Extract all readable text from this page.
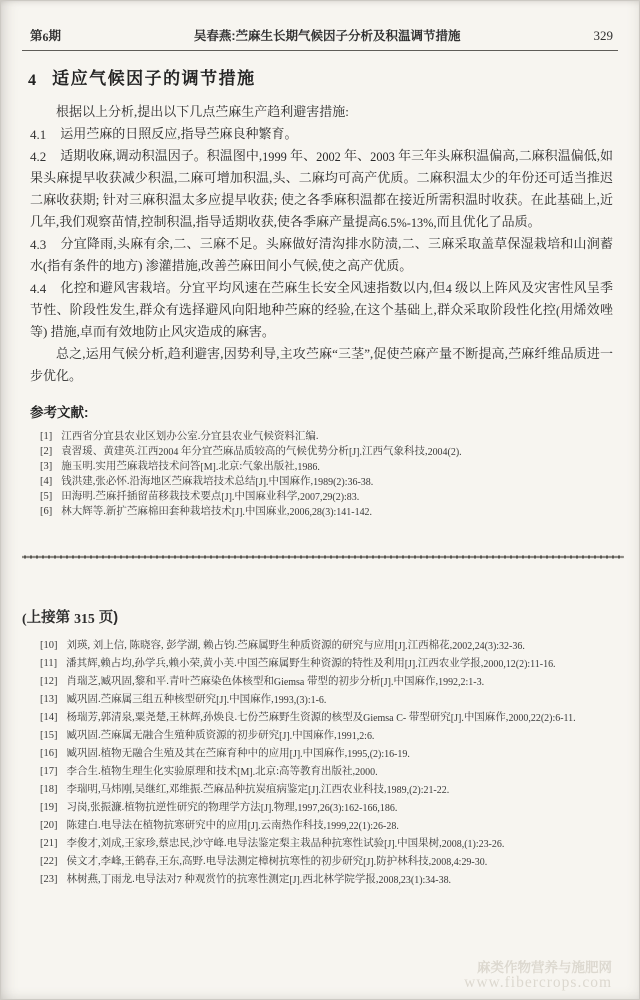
第6期	吴春燕:苎麻生长期气候因子分析及积温调节措施	329
4 适应气候因子的调节措施

根据以上分析,提出以下几点苎麻生产趋利避害措施:

4.1 运用苎麻的日照反应,指导苎麻良种繁育。

4.2 适期收麻,调动积温因子。积温图中,1999 年、2002 年、2003 年三年头麻积温偏高,二麻积温偏低,如果头麻提早收获减少积温,二麻可增加积温,头、二麻均可高产优质。二麻积温太少的年份还可适当推迟二麻收获期; 针对三麻积温太多应提早收获; 使之各季麻积温都在接近所需积温时收获。在此基础上,近几年,我们观察苗情,控制积温,指导适期收获,使各季麻产量提高6.5%-13%,而且优化了品质。

4.3 分宜降雨,头麻有余,二、三麻不足。头麻做好清沟排水防渍,二、三麻采取盖草保湿栽培和山涧蓄水(指有条件的地方) 渗灌措施,改善苎麻田间小气候,使之高产优质。

4.4 化控和避风害栽培。分宜平均风速在苎麻生长安全风速指数以内,但4 级以上阵风及灾害性风呈季节性、阶段性发生,群众有选择避风向阳地种苎麻的经验,在这个基础上,群众采取阶段性化控(用烯效唑等) 措施,卓而有效地防止风灾造成的麻害。

总之,运用气候分析,趋利避害,因势利导,主攻苎麻“三茎”,促使苎麻产量不断提高,苎麻纤维品质进一步优化。

参考文献:
[1] 江西省分宜县农业区划办公室.分宜县农业气候资料汇编.
[2] 袁習瑗、黄建英.江西2004 年分宜苎麻品质较高的气候优势分析[J].江西气象科技,2004(2).
[3] 施玉明.实用苎麻栽培技术问答[M].北京:气象出版社,1986.
[4] 钱洪建,张必怀.沿海地区苎麻栽培技术总结[J].中国麻作,1989(2):36-38.
[5] 田海明.苎麻扦插留苗移栽技术要点[J].中国麻业科学,2007,29(2):83.
[6] 林大辉等.新扩苎麻棉田套种栽培技术[J].中国麻业,2006,28(3):141-142.
(上接第 315 页)
[10] 刘瑛, 刘上信, 陈晓容, 彭学湖, 赖占钧.苎麻属野生种质资源的研究与应用[J].江西棉花,2002,24(3):32-36.
[11] 潘其辉,赖占均,孙学兵,赖小荣,黄小芙.中国苎麻属野生种资源的特性及利用[J].江西农业学报,2000,12(2):11-16.
[12] 肖瑞芝,臧巩固,黎和平.青叶苎麻染色体核型和Giemsa 带型的初步分析[J].中国麻作,1992,2:1-3.
[13] 臧巩固.苎麻属三组五种核型研究[J].中国麻作,1993,(3):1-6.
[14] 杨瑞芳,郭清泉,粟尧楚,王林辉,孙焕良.七份苎麻野生资源的核型及Giemsa C- 带型研究[J].中国麻作,2000,22(2):6-11.
[15] 臧巩固.苎麻属无融合生殖种质资源的初步研究[J].中国麻作,1991,2:6.
[16] 臧巩固.植物无融合生殖及其在苎麻育种中的应用[J].中国麻作,1995,(2):16-19.
[17] 李合生.植物生理生化实验原理和技术[M].北京:高等教育出版社,2000.
[18] 李瑞明,马炜刚,吴继红,邓维振.苎麻品种抗炭疽病鉴定[J].江西农业科技,1989,(2):21-22.
[19] 习岗,张振濂.植物抗逆性研究的物理学方法[J].物理,1997,26(3):162-166,186.
[20] 陈建白.电导法在植物抗寒研究中的应用[J].云南热作科技,1999,22(1):26-28.
[21] 李俊才,刘成,王家珍,蔡忠民,沙守峰.电导法鉴定梨主栽品种抗寒性试验[J].中国果树,2008,(1):23-26.
[22] 侯文才,李峰,王鹤春,王东,高野.电导法测定樟树抗寒性的初步研究[J].防护林科技,2008,4:29-30.
[23] 林树燕,丁雨龙.电导法对7 种观赏竹的抗寒性测定[J].西北林学院学报,2008,23(1):34-38.
麻类作物营养与施肥网
www.fibercrops.com
